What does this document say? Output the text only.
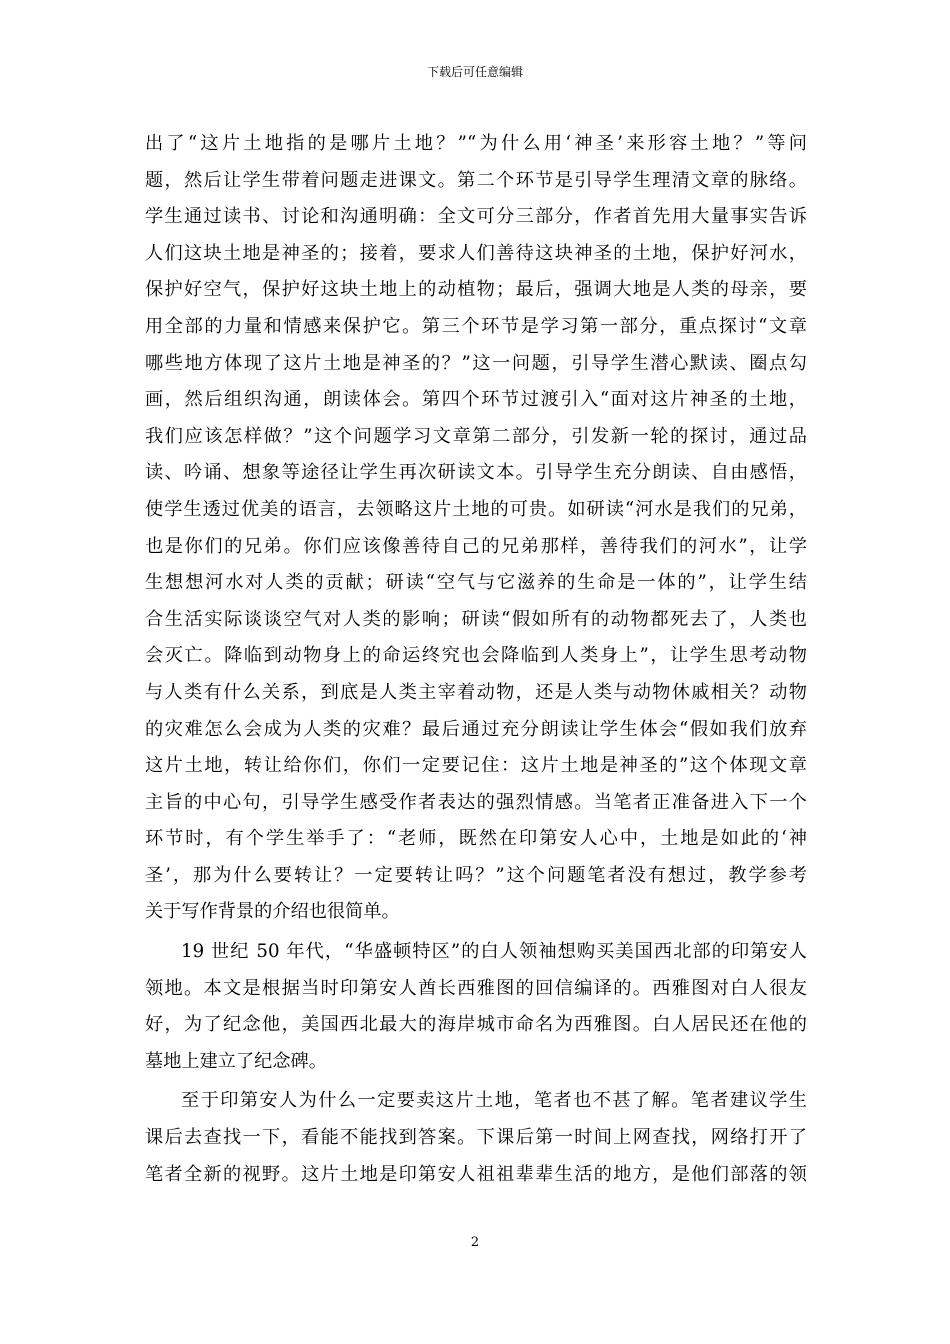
下载后可任意编辑
出了“这片土地指的是哪片土地？”“为什么用‘神圣’来形容土地？”等问
题，然后让学生带着问题走进课文。第二个环节是引导学生理清文章的脉络。
学生通过读书、讨论和沟通明确：全文可分三部分，作者首先用大量事实告诉
人们这块土地是神圣的；接着，要求人们善待这块神圣的土地，保护好河水，
保护好空气，保护好这块土地上的动植物；最后，强调大地是人类的母亲，要
用全部的力量和情感来保护它。第三个环节是学习第一部分，重点探讨“文章
哪些地方体现了这片土地是神圣的？”这一问题，引导学生潜心默读、圈点勾
画，然后组织沟通，朗读体会。第四个环节过渡引入“面对这片神圣的土地，
我们应该怎样做？”这个问题学习文章第二部分，引发新一轮的探讨，通过品
读、吟诵、想象等途径让学生再次研读文本。引导学生充分朗读、自由感悟，
使学生透过优美的语言，去领略这片土地的可贵。如研读“河水是我们的兄弟，
也是你们的兄弟。你们应该像善待自己的兄弟那样，善待我们的河水”，让学
生想想河水对人类的贡献；研读“空气与它滋养的生命是一体的”，让学生结
合生活实际谈谈空气对人类的影响；研读“假如所有的动物都死去了，人类也
会灭亡。降临到动物身上的命运终究也会降临到人类身上”，让学生思考动物
与人类有什么关系，到底是人类主宰着动物，还是人类与动物休戚相关？动物
的灾难怎么会成为人类的灾难？最后通过充分朗读让学生体会“假如我们放弃
这片土地，转让给你们，你们一定要记住：这片土地是神圣的”这个体现文章
主旨的中心句，引导学生感受作者表达的强烈情感。当笔者正准备进入下一个
环节时，有个学生举手了：“老师，既然在印第安人心中，土地是如此的‘神
圣’，那为什么要转让？一定要转让吗？”这个问题笔者没有想过，教学参考
关于写作背景的介绍也很简单。
19 世纪 50 年代，“华盛顿特区”的白人领袖想购买美国西北部的印第安人
领地。本文是根据当时印第安人酋长西雅图的回信编译的。西雅图对白人很友
好，为了纪念他，美国西北最大的海岸城市命名为西雅图。白人居民还在他的
墓地上建立了纪念碑。
至于印第安人为什么一定要卖这片土地，笔者也不甚了解。笔者建议学生
课后去查找一下，看能不能找到答案。下课后第一时间上网查找，网络打开了
笔者全新的视野。这片土地是印第安人祖祖辈辈生活的地方，是他们部落的领
2
